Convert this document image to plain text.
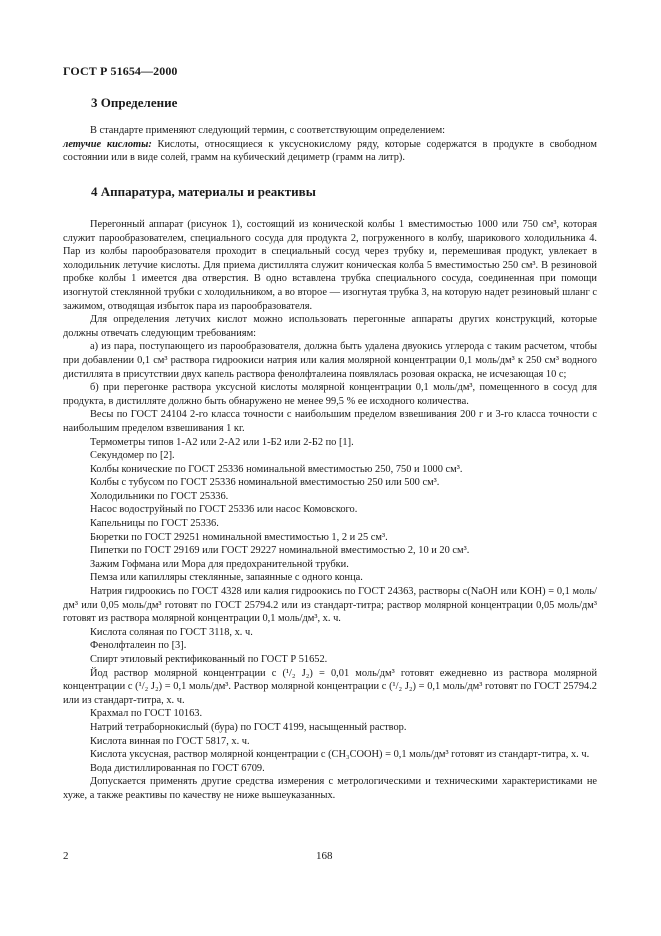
ГОСТ Р 51654—2000
3 Определение

В стандарте применяют следующий термин, с соответствующим определением:

летучие кислоты: Кислоты, относящиеся к уксуснокислому ряду, которые содержатся в продукте в свободном состоянии или в виде солей, грамм на кубический дециметр (грамм на литр).

4 Аппаратура, материалы и реактивы

Перегонный аппарат (рисунок 1), состоящий из конической колбы 1 вместимостью 1000 или 750 см³, которая служит парообразователем, специального сосуда для продукта 2, погруженного в колбу, шарикового холодильника 4. Пар из колбы парообразователя проходит в специальный сосуд через трубку и, перемешивая продукт, увлекает в холодильник летучие кислоты. Для приема дистиллята служит коническая колба 5 вместимостью 250 см³. В резиновой пробке колбы 1 имеется два отверстия. В одно вставлена трубка специального сосуда, соединенная при помощи изогнутой стеклянной трубки с холодильником, а во второе — изогнутая трубка 3, на которую надет резиновый шланг с зажимом, отводящая избыток пара из парообразователя.

Для определения летучих кислот можно использовать перегонные аппараты других конструкций, которые должны отвечать следующим требованиям:

а) из пара, поступающего из парообразователя, должна быть удалена двуокись углерода с таким расчетом, чтобы при добавлении 0,1 см³ раствора гидроокиси натрия или калия молярной концентрации 0,1 моль/дм³ к 250 см³ водного дистиллята в присутствии двух капель раствора фенолфталеина появлялась розовая окраска, не исчезающая 10 с;

б) при перегонке раствора уксусной кислоты молярной концентрации 0,1 моль/дм³, помещенного в сосуд для продукта, в дистилляте должно быть обнаружено не менее 99,5 % ее исходного количества.

Весы по ГОСТ 24104 2-го класса точности с наибольшим пределом взвешивания 200 г и 3-го класса точности с наибольшим пределом взвешивания 1 кг.

Термометры типов 1-А2 или 2-А2 или 1-Б2 или 2-Б2 по [1].

Секундомер по [2].

Колбы конические по ГОСТ 25336 номинальной вместимостью 250, 750 и 1000 см³.

Колбы с тубусом по ГОСТ 25336 номинальной вместимостью 250 или 500 см³.

Холодильники по ГОСТ 25336.

Насос водоструйный по ГОСТ 25336 или насос Комовского.

Капельницы по ГОСТ 25336.

Бюретки по ГОСТ 29251 номинальной вместимостью 1, 2 и 25 см³.

Пипетки по ГОСТ 29169 или ГОСТ 29227 номинальной вместимостью 2, 10 и 20 см³.

Зажим Гофмана или Мора для предохранительной трубки.

Пемза или капилляры стеклянные, запаянные с одного конца.

Натрия гидроокись по ГОСТ 4328 или калия гидроокись по ГОСТ 24363, растворы c(NaOH или KOH) = 0,1 моль/дм³ или 0,05 моль/дм³ готовят по ГОСТ 25794.2 или из стандарт-титра; раствор молярной концентрации 0,05 моль/дм³ готовят из раствора молярной концентрации 0,1 моль/дм³, х. ч.

Кислота соляная по ГОСТ 3118, х. ч.

Фенолфталеин по [3].

Спирт этиловый ректификованный по ГОСТ Р 51652.

Йод раствор молярной концентрации c (¹/₂ J₂) = 0,01 моль/дм³ готовят ежедневно из раствора молярной концентрации c (¹/₂ J₂) = 0,1 моль/дм³. Раствор молярной концентрации c (¹/₂ J₂) = 0,1 моль/дм³ готовят по ГОСТ 25794.2 или из стандарт-титра, х. ч.

Крахмал по ГОСТ 10163.

Натрий тетраборнокислый (бура) по ГОСТ 4199, насыщенный раствор.

Кислота винная по ГОСТ 5817, х. ч.

Кислота уксусная, раствор молярной концентрации c (CH₃COOH) = 0,1 моль/дм³ готовят из стандарт-титра, х. ч.

Вода дистиллированная по ГОСТ 6709.

Допускается применять другие средства измерения с метрологическими и техническими характеристиками не хуже, а также реактивы по качеству не ниже вышеуказанных.

2	168
